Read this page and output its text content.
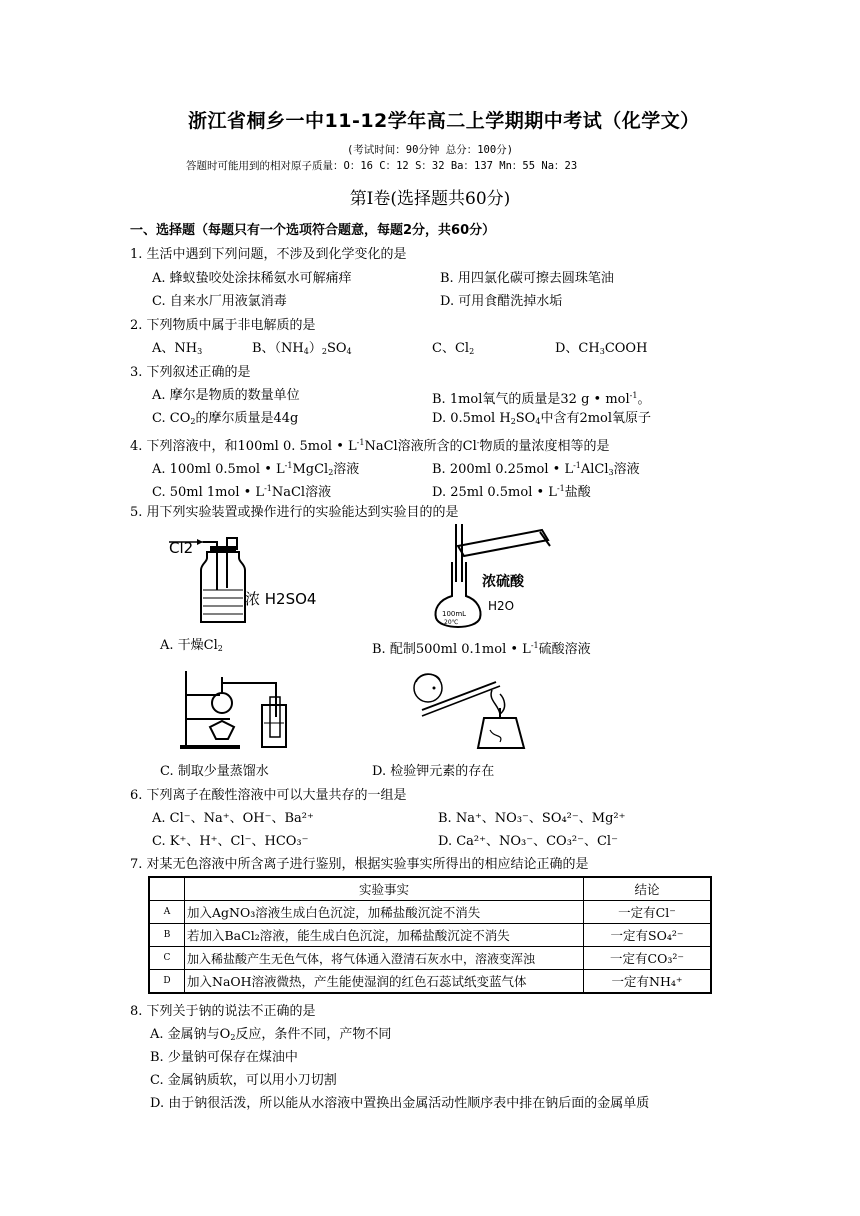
浙江省桐乡一中11-12学年高二上学期期中考试（化学文）
(考试时间：90分钟 总分：100分)
答题时可能用到的相对原子质量：O：16 C：12 S：32 Ba：137 Mn：55 Na：23
第Ⅰ卷(选择题共60分)
一、选择题（每题只有一个选项符合题意，每题2分，共60分）
1. 生活中遇到下列问题，不涉及到化学变化的是
A. 蜂蚁蛰咬处涂抹稀氨水可解痛痒	B. 用四氯化碳可擦去圆珠笔油
C. 自来水厂用液氯消毒	D. 可用食醋洗掉水垢
2. 下列物质中属于非电解质的是
A、$NH_3$	B、$(NH_4)_2SO_4$	C、$Cl_2$	D、$CH_3COOH$
3. 下列叙述正确的是
A. 摩尔是物质的数量单位	B. 1mol氧气的质量是32 g • mol$^{-1}$。
C. $CO_2$的摩尔质量是44g	D. 0.5mol $H_2SO_4$中含有2mol氧原子
4. 下列溶液中，和100ml 0. 5mol • $L^{-1}NaCl$溶液所含的Cl-物质的量浓度相等的是
A. 100ml 0.5mol • $L^{-1}MgCl_2$溶液	B. 200ml 0.25mol • $L^{-1}AlCl_3$溶液
C. 50ml 1mol • $L^{-1}NaCl$溶液	D. 25ml 0.5mol • $L^{-1}$盐酸
5. 用下列实验装置或操作进行的实验能达到实验目的的是
Cl2
浓 H2SO4
浓硫酸
H2O
100mL
20℃
A. 干燥$Cl_2$	B. 配制500ml 0.1mol • $L^{-1}$硫酸溶液
C. 制取少量蒸馏水	D. 检验钾元素的存在
6. 下列离子在酸性溶液中可以大量共存的一组是
A. Cl⁻、Na⁺、OH⁻、Ba²⁺	B. Na⁺、NO₃⁻、SO₄²⁻、Mg²⁺
C. K⁺、H⁺、Cl⁻、HCO₃⁻	D. Ca²⁺、NO₃⁻、CO₃²⁻、Cl⁻
7. 对某无色溶液中所含离子进行鉴别，根据实验事实所得出的相应结论正确的是
	实验事实	结论
A	加入AgNO₃溶液生成白色沉淀，加稀盐酸沉淀不消失	一定有Cl⁻
B	若加入BaCl₂溶液，能生成白色沉淀，加稀盐酸沉淀不消失	一定有SO₄²⁻
C	加入稀盐酸产生无色气体，将气体通入澄清石灰水中，溶液变浑浊	一定有CO₃²⁻
D	加入NaOH溶液微热，产生能使湿润的红色石蕊试纸变蓝气体	一定有NH₄⁺
8. 下列关于钠的说法不正确的是
A. 金属钠与$O_2$反应，条件不同，产物不同
B. 少量钠可保存在煤油中
C. 金属钠质软，可以用小刀切割
D. 由于钠很活泼，所以能从水溶液中置换出金属活动性顺序表中排在钠后面的金属单质
